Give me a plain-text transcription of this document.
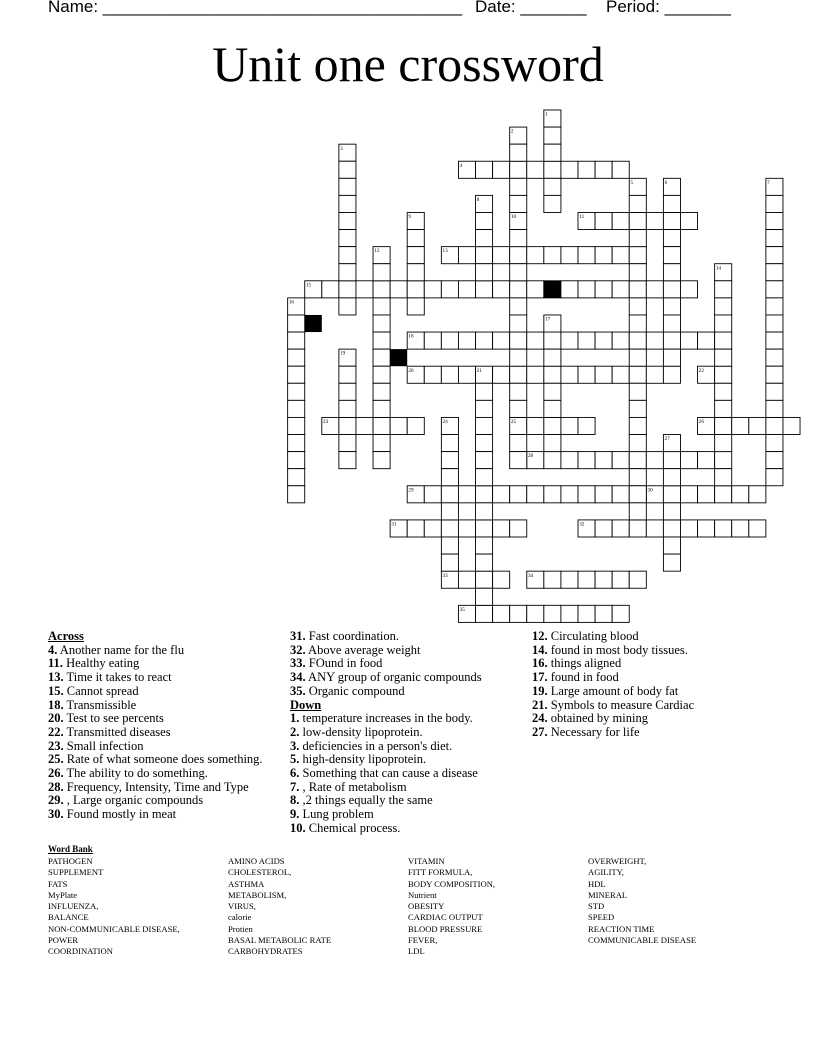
Name: ______________________________________ Date: _______ Period: _______
Unit one crossword
1
2
3
4
5	6	7
8
9	10	11
12	13
14
15
16
17
18
19
20	21	22
23	24	25	26
27
28
29	30
31	32
33	34
35
Across
4. Another name for the flu
11. Healthy eating
13. Time it takes to react
15. Cannot spread
18. Transmissible
20. Test to see percents
22. Transmitted diseases
23. Small infection
25. Rate of what someone does something.
26. The ability to do something.
28. Frequency, Intensity, Time and Type
29. , Large organic compounds
30. Found mostly in meat
31. Fast coordination.
32. Above average weight
33. FOund in food
34. ANY group of organic compounds
35. Organic compound
Down
1. temperature increases in the body.
2. low-density lipoprotein.
3. deficiencies in a person's diet.
5. high-density lipoprotein.
6. Something that can cause a disease
7. , Rate of metabolism
8. ,2 things equally the same
9. Lung problem
10. Chemical process.
12. Circulating blood
14. found in most body tissues.
16. things aligned
17. found in food
19. Large amount of body fat
21. Symbols to measure Cardiac
24. obtained by mining
27. Necessary for life
Word Bank
PATHOGEN
SUPPLEMENT
FATS
MyPlate
INFLUENZA,
BALANCE
NON-COMMUNICABLE DISEASE,
POWER
COORDINATION
AMINO ACIDS
CHOLESTEROL,
ASTHMA
METABOLISM,
VIRUS,
calorie
Protien
BASAL METABOLIC RATE
CARBOHYDRATES
VITAMIN
FITT FORMULA,
BODY COMPOSITION,
Nutrient
OBESITY
CARDIAC OUTPUT
BLOOD PRESSURE
FEVER,
LDL
OVERWEIGHT,
AGILITY,
HDL
MINERAL
STD
SPEED
REACTION TIME
COMMUNICABLE DISEASE
